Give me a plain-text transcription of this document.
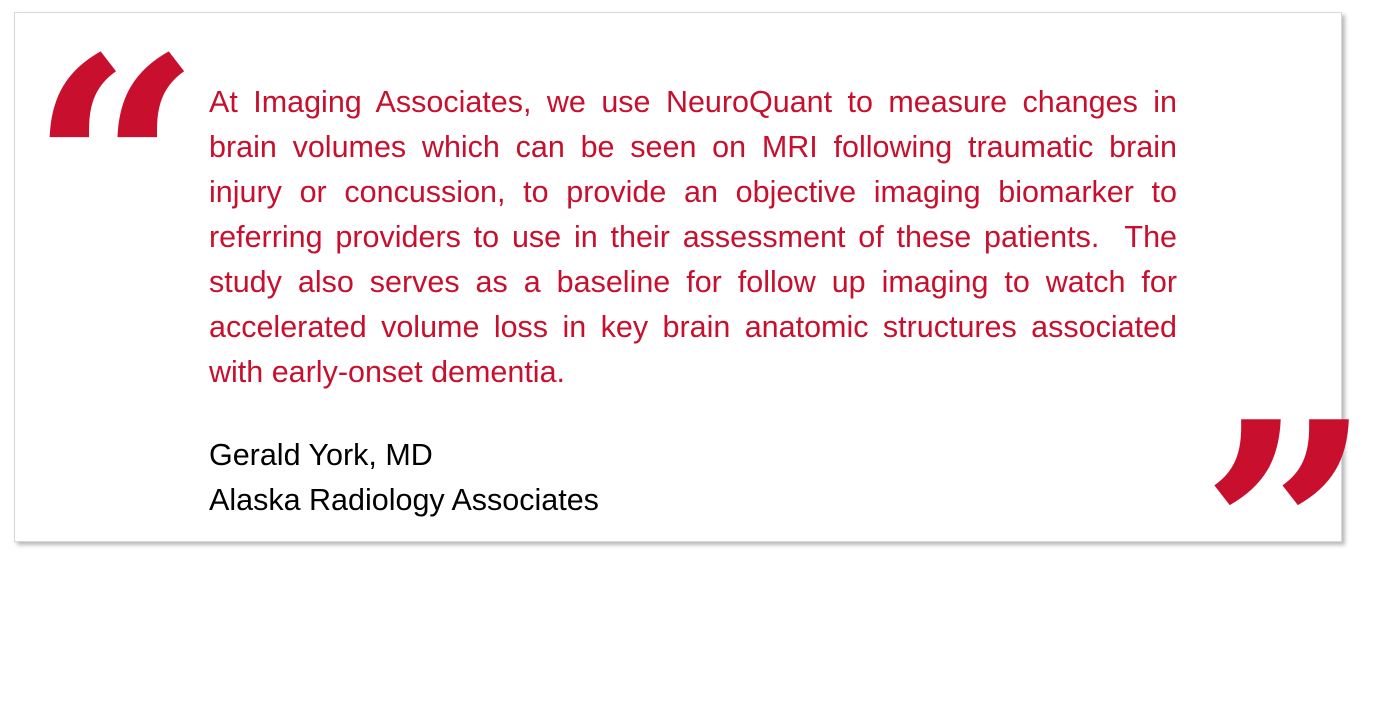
“ At Imaging Associates, we use NeuroQuant to measure changes in brain volumes which can be seen on MRI following traumatic brain injury or concussion, to provide an objective imaging biomarker to referring providers to use in their assessment of these patients.  The study also serves as a baseline for follow up imaging to watch for accelerated volume loss in key brain anatomic structures associated with early-onset dementia.

Gerald York, MD
Alaska Radiology Associates ”
